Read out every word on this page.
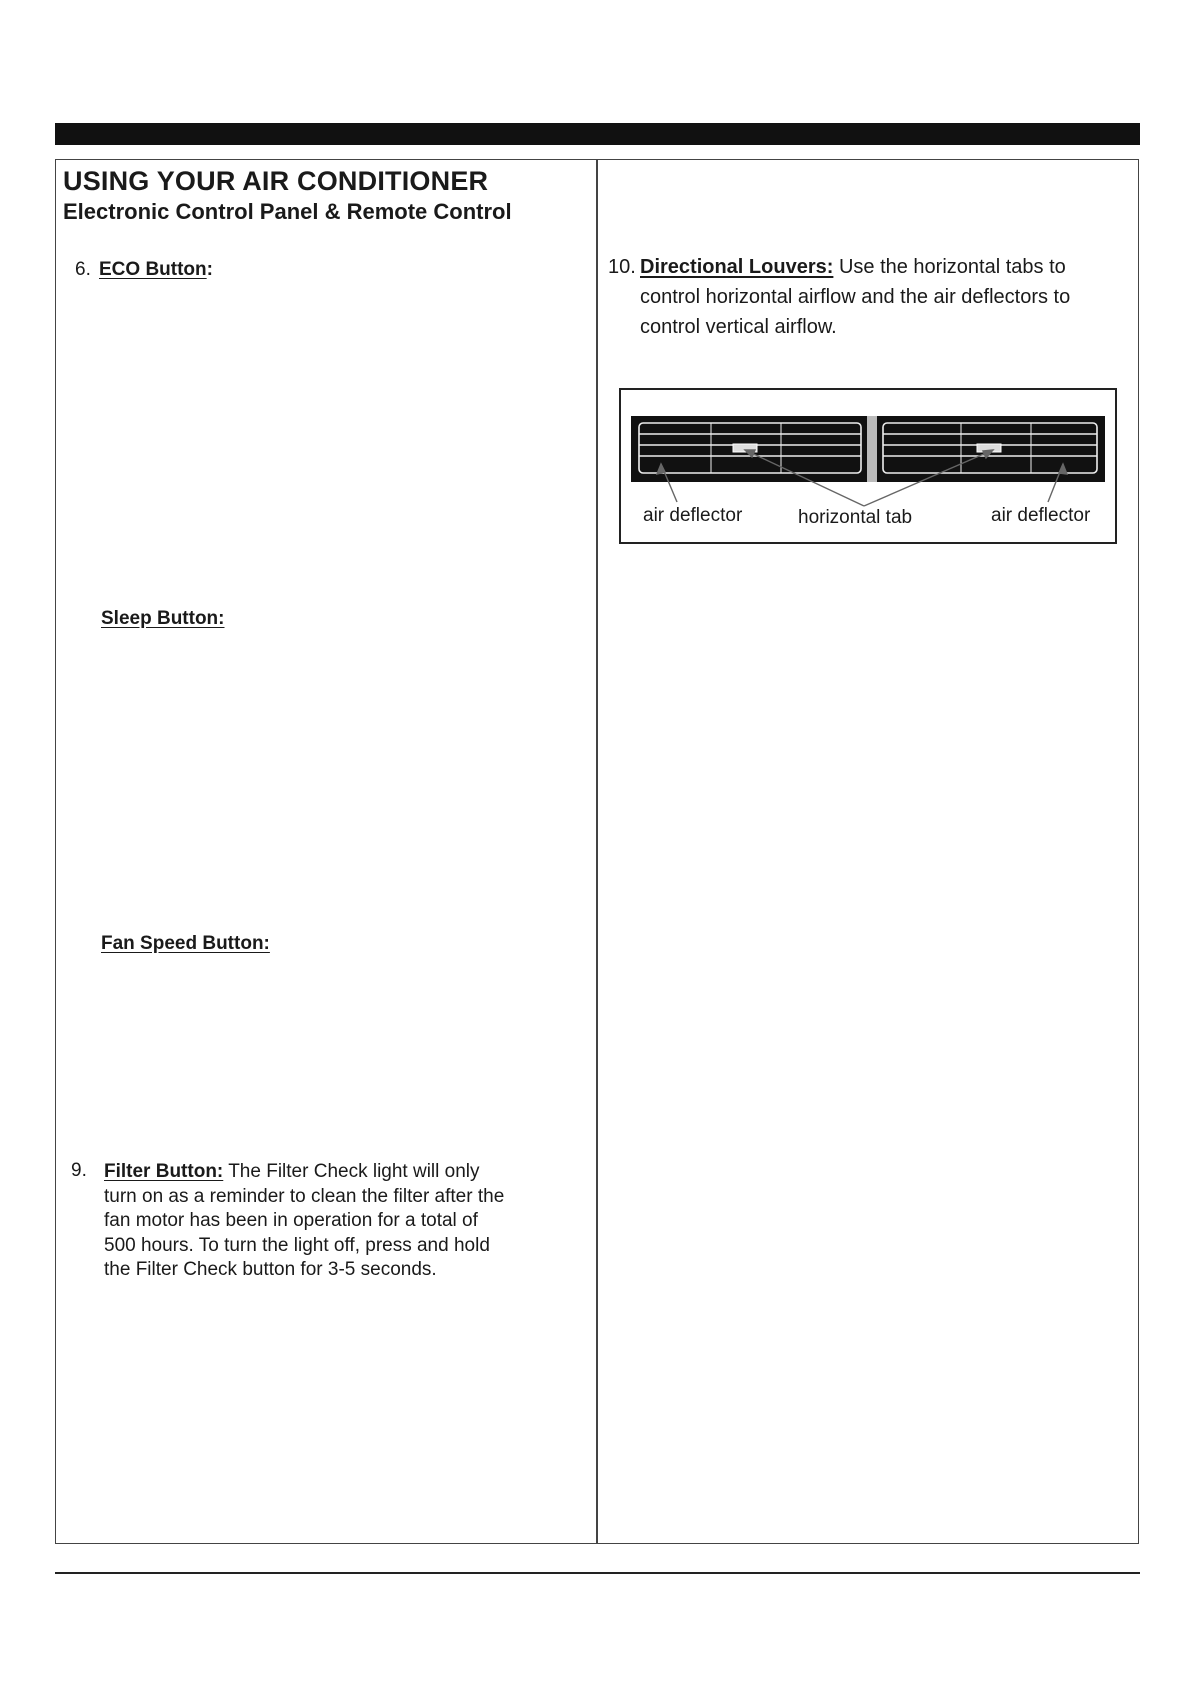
USING YOUR AIR CONDITIONER
Electronic Control Panel & Remote Control
6. ECO Button:
Sleep Button:
Fan Speed Button:
9. Filter Button: The Filter Check light will only
turn on as a reminder to clean the filter after the
fan motor has been in operation for a total of
500 hours. To turn the light off, press and hold
the Filter Check button for 3-5 seconds.
10. Directional Louvers: Use the horizontal tabs to
control horizontal airflow and the air deflectors to
control vertical airflow.
air deflector	horizontal tab	air deflector
